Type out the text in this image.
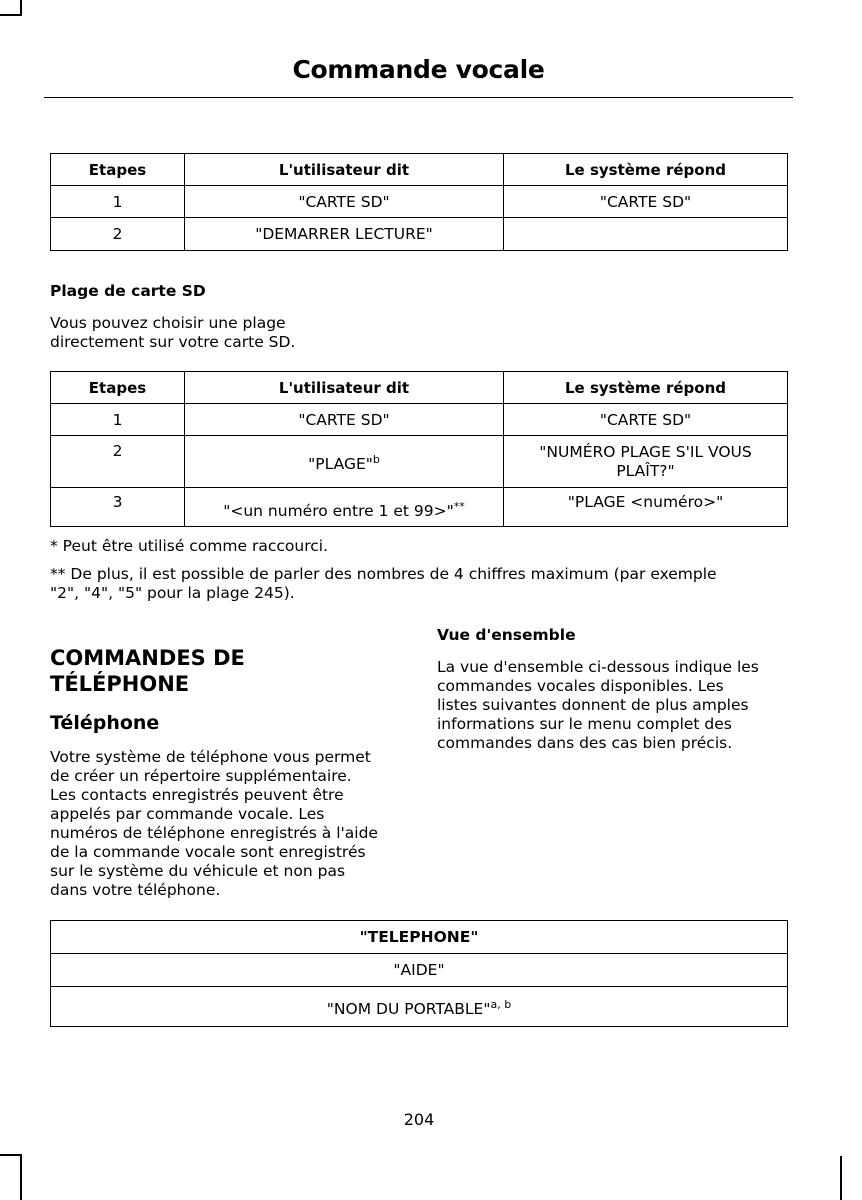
Commande vocale
Etapes	L'utilisateur dit	Le système répond
1	"CARTE SD"	"CARTE SD"
2	"DEMARRER LECTURE"	
Plage de carte SD
Vous pouvez choisir une plage
directement sur votre carte SD.
Etapes	L'utilisateur dit	Le système répond
1	"CARTE SD"	"CARTE SD"
2	"PLAGE"$^b$	"NUMÉRO PLAGE S'IL VOUS
PLAÎT?"

3	"<un numéro entre 1 et 99>"**	"PLAGE <numéro>"
* Peut être utilisé comme raccourci.
** De plus, il est possible de parler des nombres de 4 chiffres maximum (par exemple
"2", "4", "5" pour la plage 245).
COMMANDES DE
TÉLÉPHONE
Téléphone
Votre système de téléphone vous permet
de créer un répertoire supplémentaire.
Les contacts enregistrés peuvent être
appelés par commande vocale. Les
numéros de téléphone enregistrés à l'aide
de la commande vocale sont enregistrés
sur le système du véhicule et non pas
dans votre téléphone.
Vue d'ensemble
La vue d'ensemble ci-dessous indique les
commandes vocales disponibles. Les
listes suivantes donnent de plus amples
informations sur le menu complet des
commandes dans des cas bien précis.
"TELEPHONE"
"AIDE"
"NOM DU PORTABLE"$^{a, b}$
204
